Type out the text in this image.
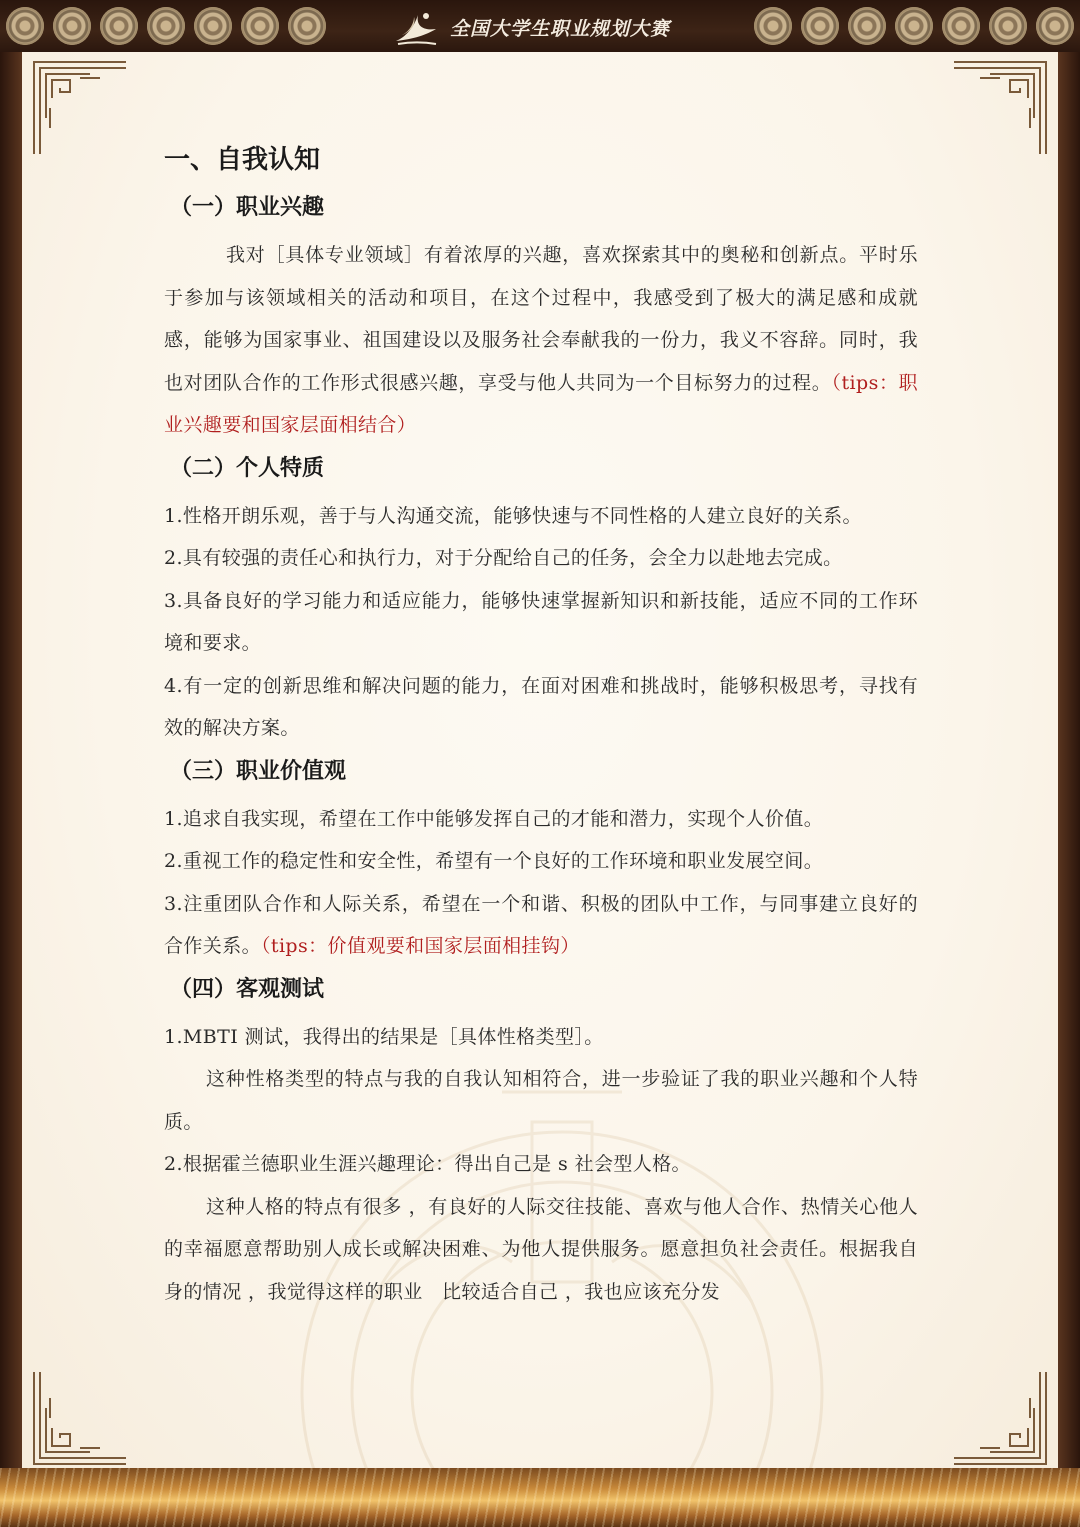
全国大学生职业规划大赛
一、自我认知
（一）职业兴趣

我对［具体专业领域］有着浓厚的兴趣，喜欢探索其中的奥秘和创新点。平时乐于参加与该领域相关的活动和项目，在这个过程中，我感受到了极大的满足感和成就感，能够为国家事业、祖国建设以及服务社会奉献我的一份力，我义不容辞。同时，我也对团队合作的工作形式很感兴趣，享受与他人共同为一个目标努力的过程。（tips：职业兴趣要和国家层面相结合）

（二）个人特质

1.性格开朗乐观，善于与人沟通交流，能够快速与不同性格的人建立良好的关系。

2.具有较强的责任心和执行力，对于分配给自己的任务，会全力以赴地去完成。

3.具备良好的学习能力和适应能力，能够快速掌握新知识和新技能，适应不同的工作环境和要求。

4.有一定的创新思维和解决问题的能力，在面对困难和挑战时，能够积极思考，寻找有效的解决方案。

（三）职业价值观

1.追求自我实现，希望在工作中能够发挥自己的才能和潜力，实现个人价值。

2.重视工作的稳定性和安全性，希望有一个良好的工作环境和职业发展空间。

3.注重团队合作和人际关系，希望在一个和谐、积极的团队中工作，与同事建立良好的合作关系。（tips：价值观要和国家层面相挂钩）

（四）客观测试

1.MBTI 测试，我得出的结果是［具体性格类型］。

这种性格类型的特点与我的自我认知相符合，进一步验证了我的职业兴趣和个人特质。

2.根据霍兰德职业生涯兴趣理论：得出自己是 s 社会型人格。

这种人格的特点有很多 ，有良好的人际交往技能、喜欢与他人合作、热情关心他人的幸福愿意帮助别人成长或解决困难、为他人提供服务。愿意担负社会责任。根据我自身的情况 ，我觉得这样的职业　比较适合自己 ，我也应该充分发
